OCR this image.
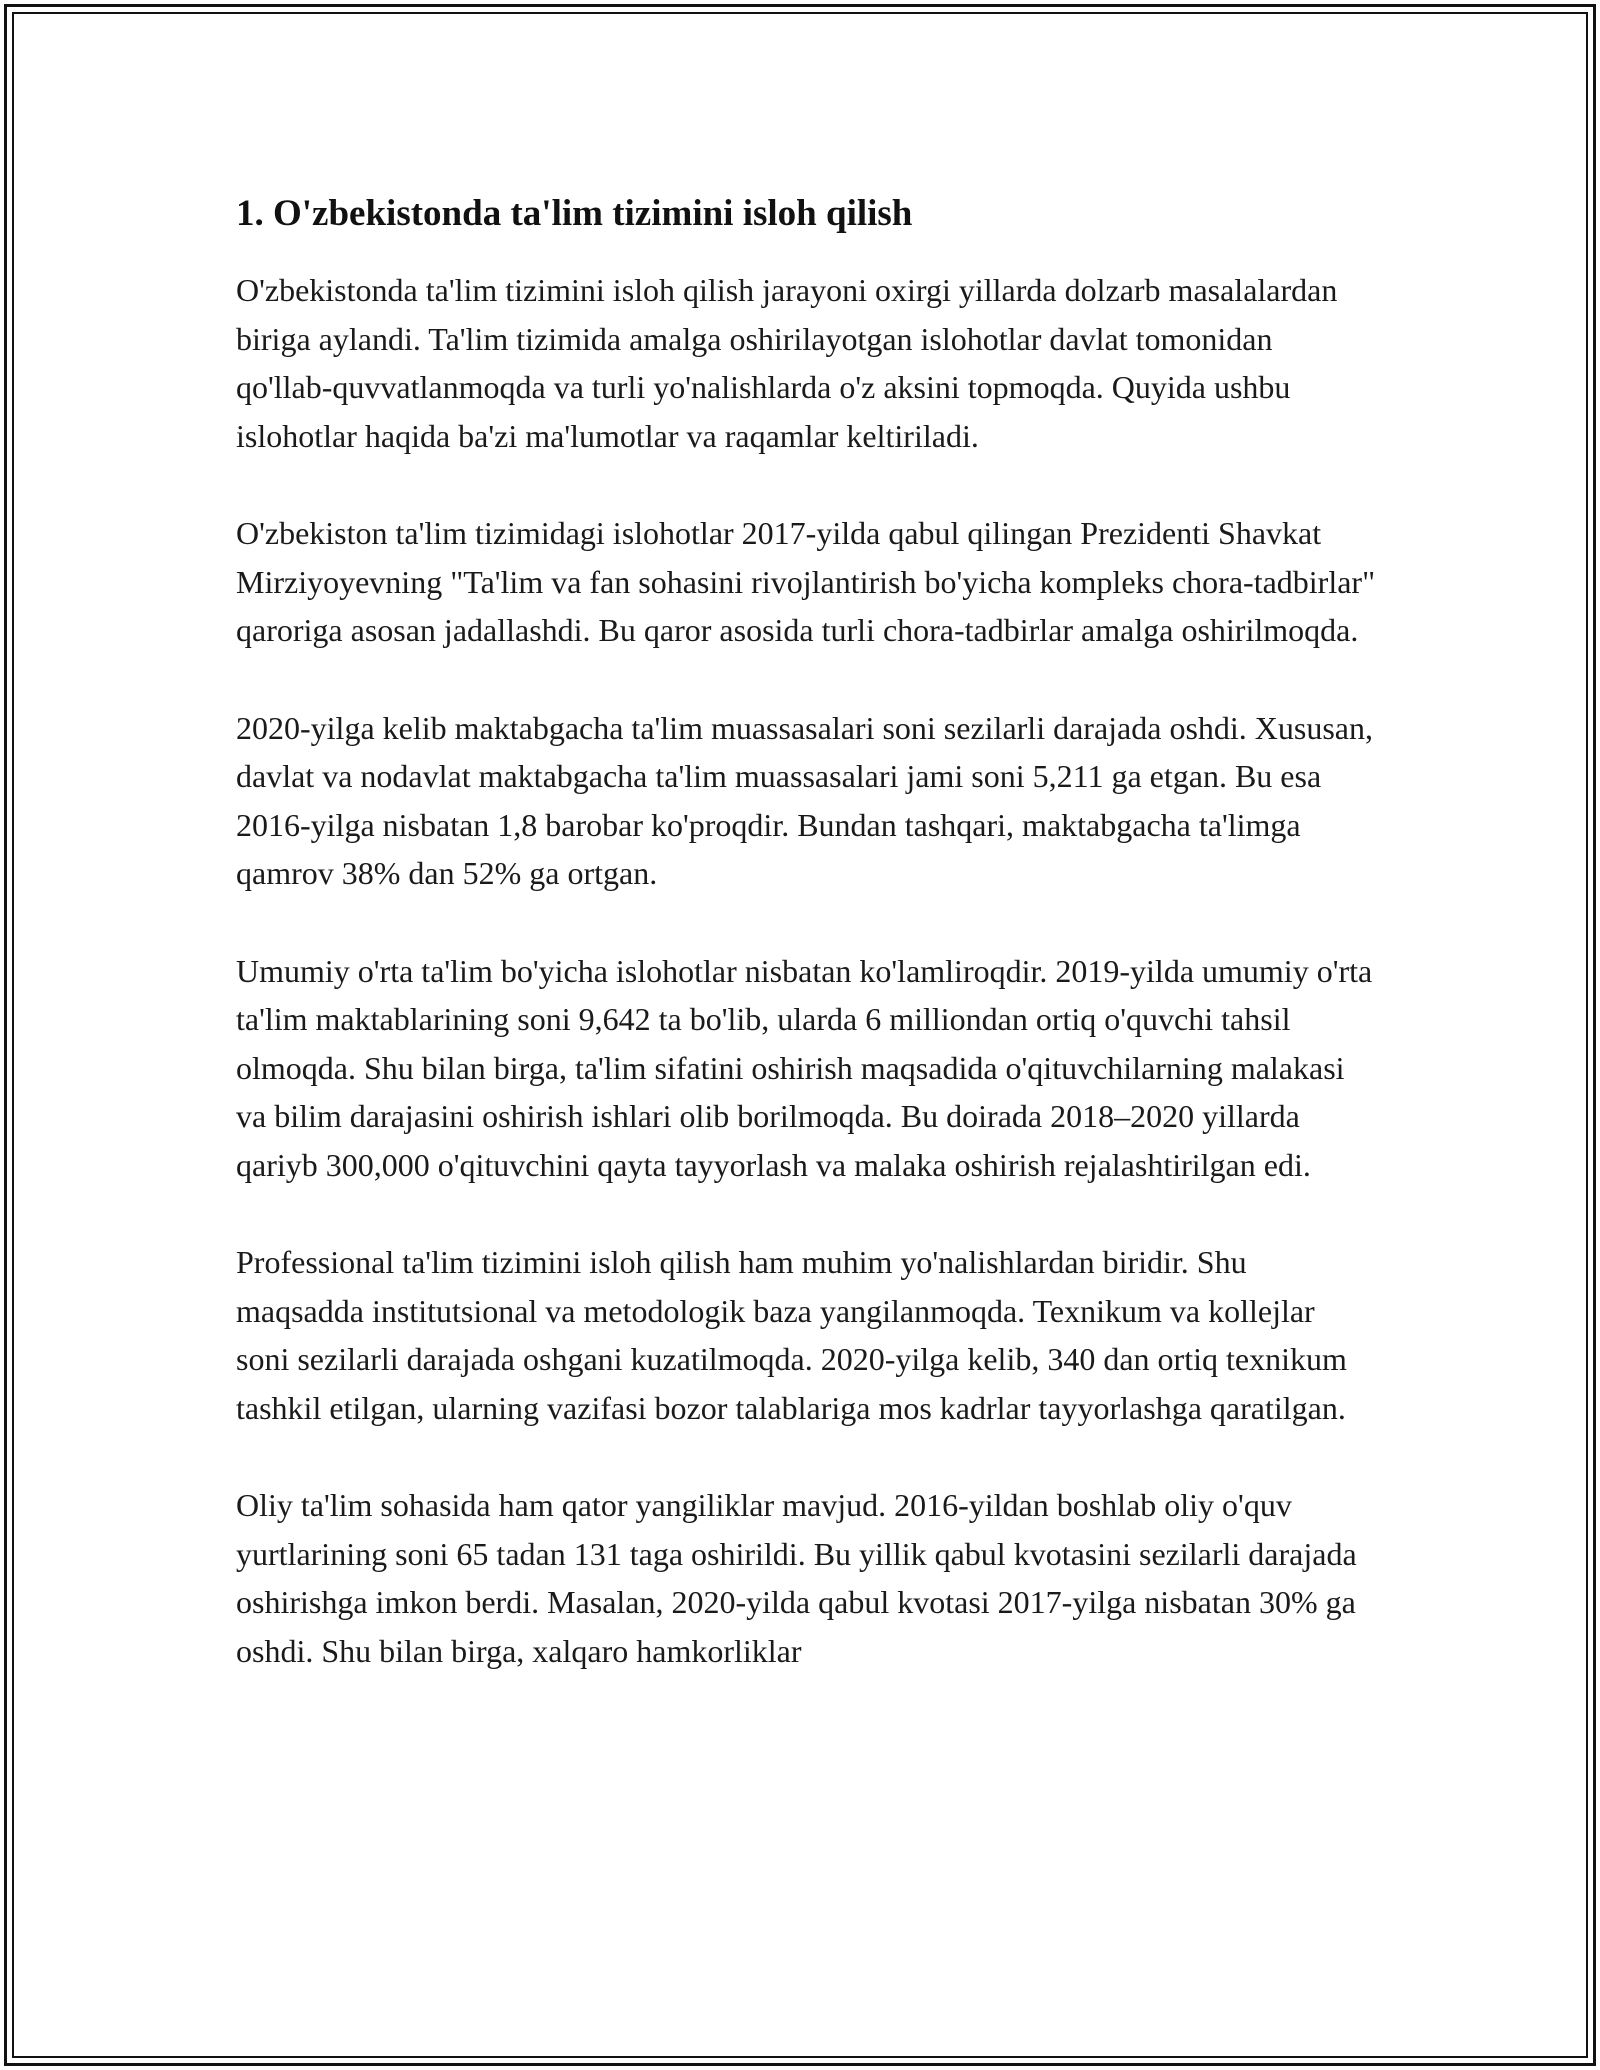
1. O'zbekistonda ta'lim tizimini isloh qilish

O'zbekistonda ta'lim tizimini isloh qilish jarayoni oxirgi yillarda dolzarb masalalardan biriga aylandi. Ta'lim tizimida amalga oshirilayotgan islohotlar davlat tomonidan qo'llab-quvvatlanmoqda va turli yo'nalishlarda o'z aksini topmoqda. Quyida ushbu islohotlar haqida ba'zi ma'lumotlar va raqamlar keltiriladi.

O'zbekiston ta'lim tizimidagi islohotlar 2017-yilda qabul qilingan Prezidenti Shavkat Mirziyoyevning "Ta'lim va fan sohasini rivojlantirish bo'yicha kompleks chora-tadbirlar" qaroriga asosan jadallashdi. Bu qaror asosida turli chora-tadbirlar amalga oshirilmoqda.

2020-yilga kelib maktabgacha ta'lim muassasalari soni sezilarli darajada oshdi. Xususan, davlat va nodavlat maktabgacha ta'lim muassasalari jami soni 5,211 ga etgan. Bu esa 2016-yilga nisbatan 1,8 barobar ko'proqdir. Bundan tashqari, maktabgacha ta'limga qamrov 38% dan 52% ga ortgan.

Umumiy o'rta ta'lim bo'yicha islohotlar nisbatan ko'lamliroqdir. 2019-yilda umumiy o'rta ta'lim maktablarining soni 9,642 ta bo'lib, ularda 6 milliondan ortiq o'quvchi tahsil olmoqda. Shu bilan birga, ta'lim sifatini oshirish maqsadida o'qituvchilarning malakasi va bilim darajasini oshirish ishlari olib borilmoqda. Bu doirada 2018–2020 yillarda qariyb 300,000 o'qituvchini qayta tayyorlash va malaka oshirish rejalashtirilgan edi.

Professional ta'lim tizimini isloh qilish ham muhim yo'nalishlardan biridir. Shu maqsadda institutsional va metodologik baza yangilanmoqda. Texnikum va kollejlar soni sezilarli darajada oshgani kuzatilmoqda. 2020-yilga kelib, 340 dan ortiq texnikum tashkil etilgan, ularning vazifasi bozor talablariga mos kadrlar tayyorlashga qaratilgan.

Oliy ta'lim sohasida ham qator yangiliklar mavjud. 2016-yildan boshlab oliy o'quv yurtlarining soni 65 tadan 131 taga oshirildi. Bu yillik qabul kvotasini sezilarli darajada oshirishga imkon berdi. Masalan, 2020-yilda qabul kvotasi 2017-yilga nisbatan 30% ga oshdi. Shu bilan birga, xalqaro hamkorliklar
